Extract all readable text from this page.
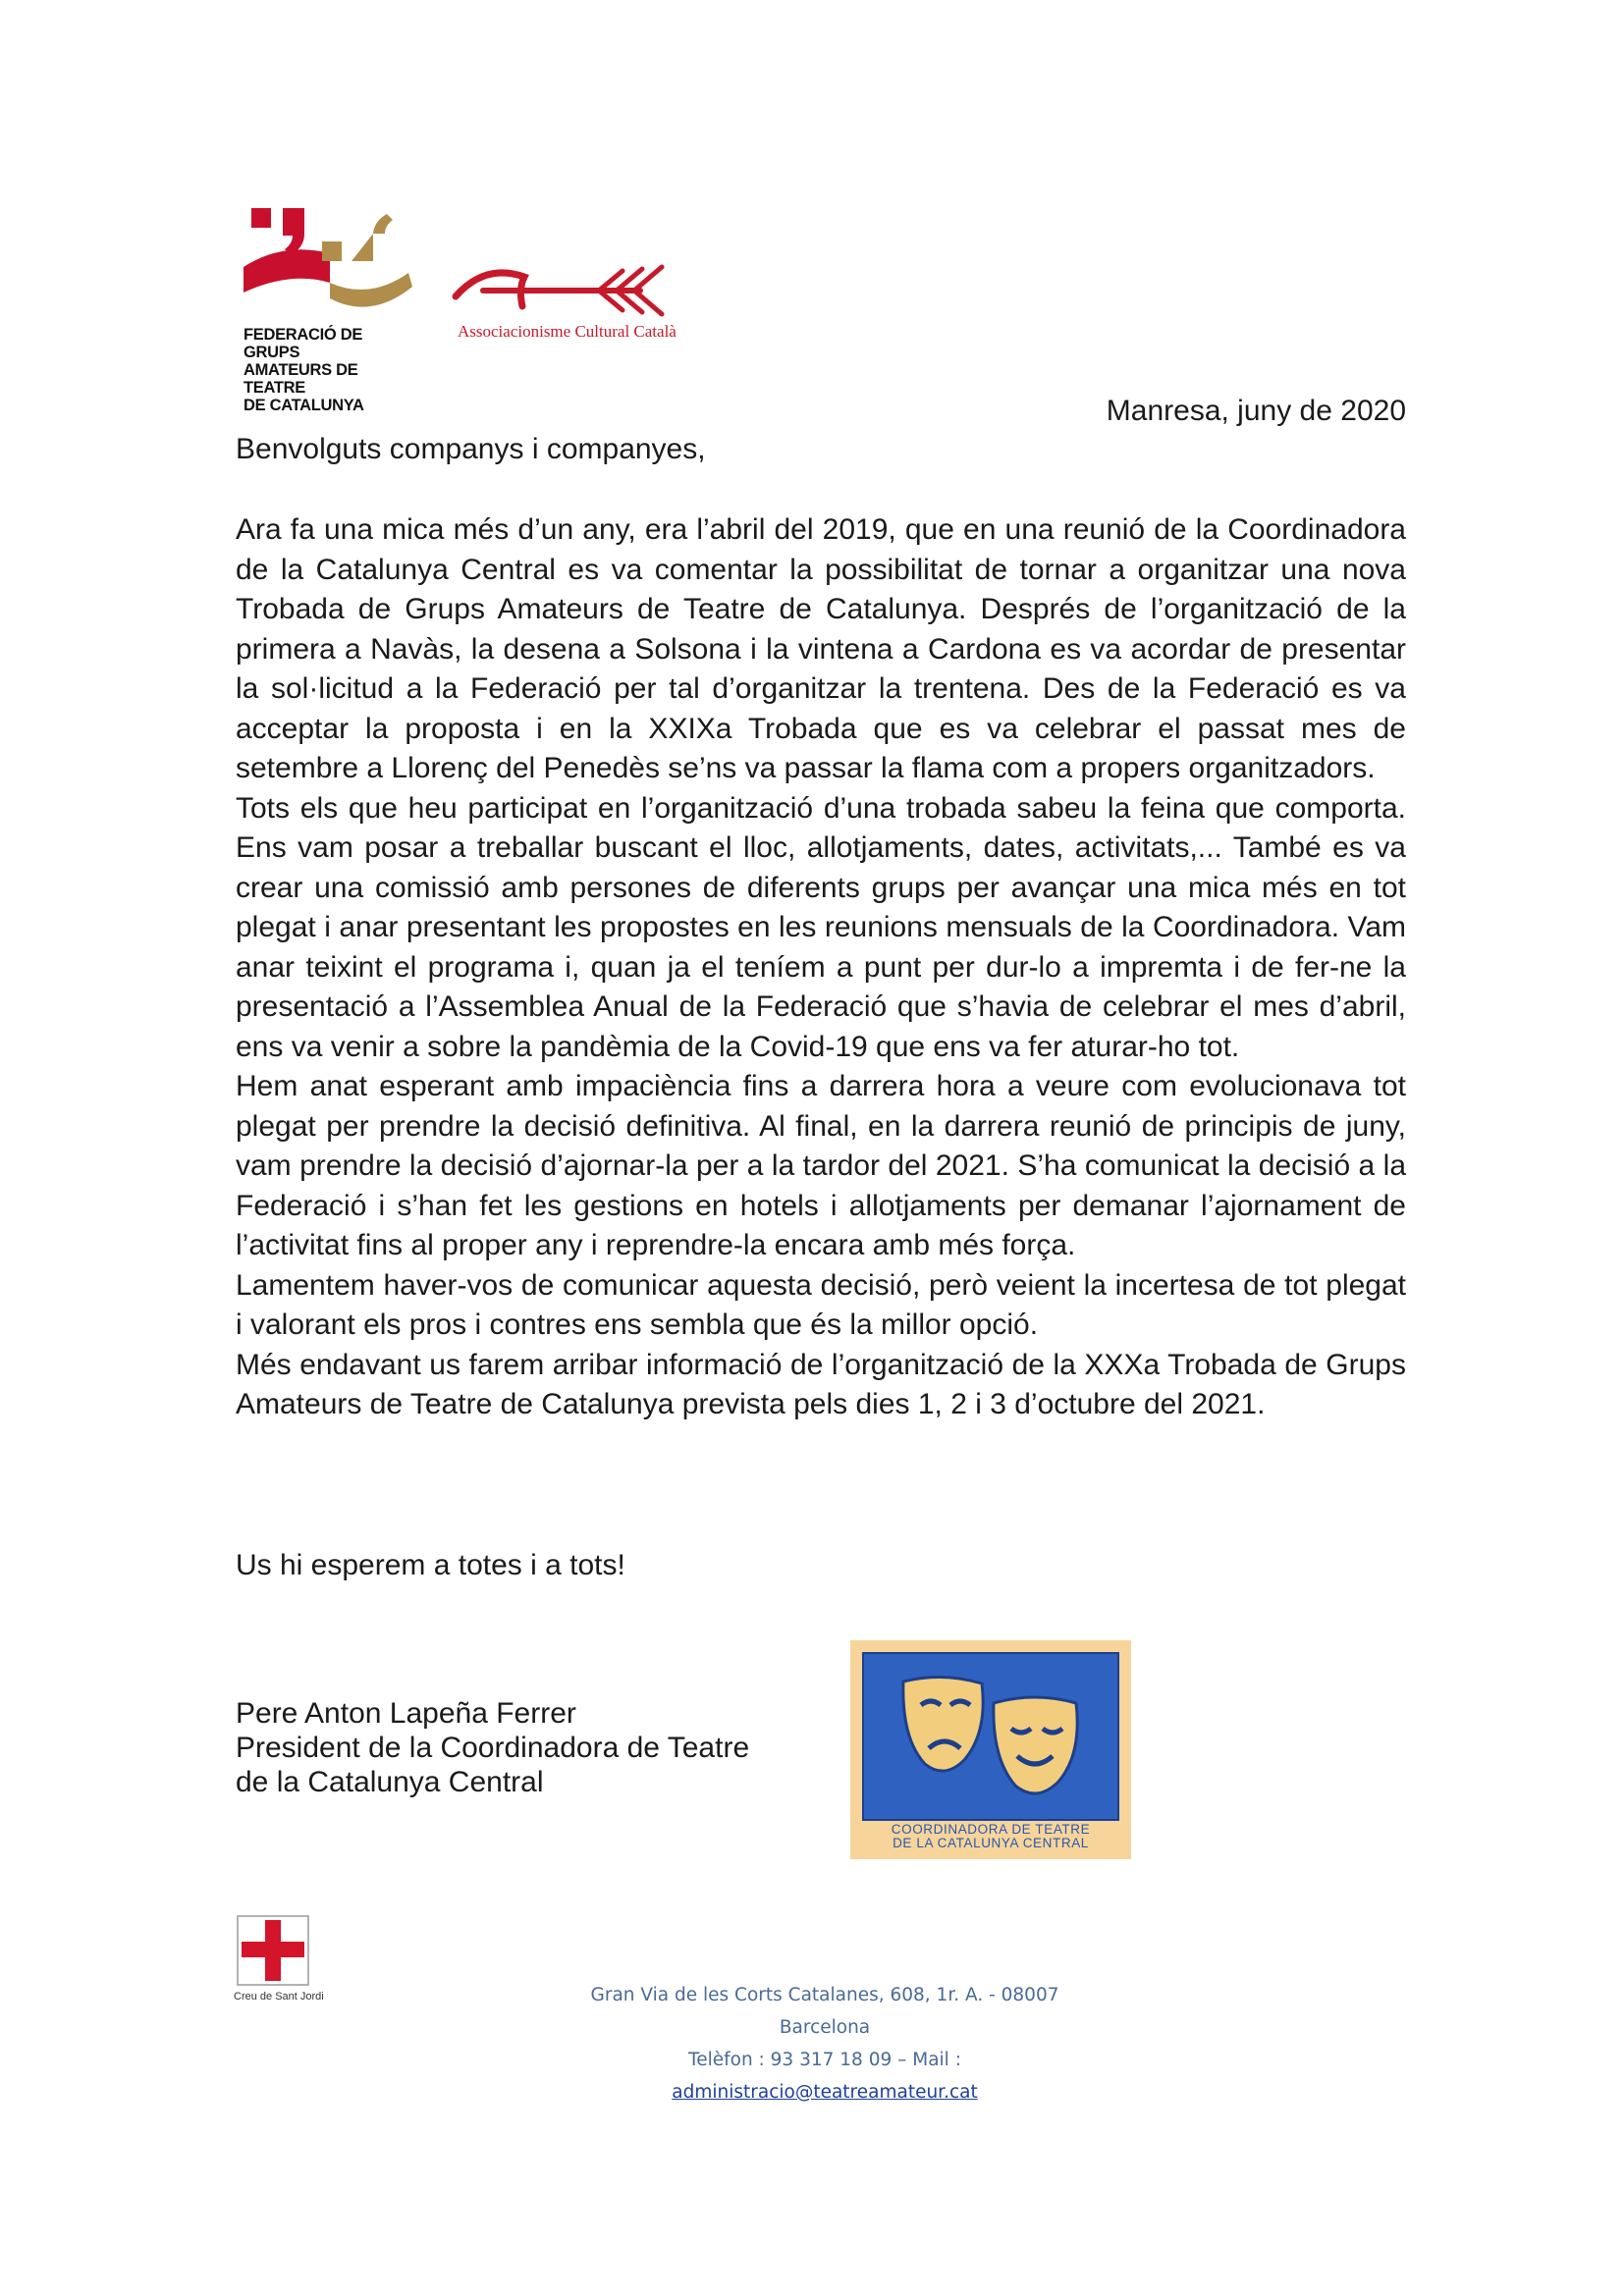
FEDERACIÓ DE GRUPS
AMATEURS DE TEATRE
DE CATALUNYA
Associacionisme Cultural Català
Manresa, juny de 2020
Benvolguts companys i companyes,

Ara fa una mica més d’un any, era l’abril del 2019, que en una reunió de la Coordinadora de la Catalunya Central es va comentar la possibilitat de tornar a organitzar una nova Trobada de Grups Amateurs de Teatre de Catalunya. Després de l’organització de la primera a Navàs, la desena a Solsona i la vintena a Cardona es va acordar de presentar la sol·licitud a la Federació per tal d’organitzar la trentena. Des de la Federació es va acceptar la proposta i en la XXIXa Trobada que es va celebrar el passat mes de setembre a Llorenç del Penedès se’ns va passar la flama com a propers organitzadors.

Tots els que heu participat en l’organització d’una trobada sabeu la feina que comporta. Ens vam posar a treballar buscant el lloc, allotjaments, dates, activitats,... També es va crear una comissió amb persones de diferents grups per avançar una mica més en tot plegat i anar presentant les propostes en les reunions mensuals de la Coordinadora. Vam anar teixint el programa i, quan ja el teníem a punt per dur-lo a impremta i de fer-ne la presentació a l’Assemblea Anual de la Federació que s’havia de celebrar el mes d’abril, ens va venir a sobre la pandèmia de la Covid-19 que ens va fer aturar-ho tot.

Hem anat esperant amb impaciència fins a darrera hora a veure com evolucionava tot plegat per prendre la decisió definitiva. Al final, en la darrera reunió de principis de juny, vam prendre la decisió d’ajornar-la per a la tardor del 2021. S’ha comunicat la decisió a la Federació i s’han fet les gestions en hotels i allotjaments per demanar l’ajornament de l’activitat fins al proper any i reprendre-la encara amb més força.

Lamentem haver-vos de comunicar aquesta decisió, però veient la incertesa de tot plegat i valorant els pros i contres ens sembla que és la millor opció.

Més endavant us farem arribar informació de l’organització de la XXXa Trobada de Grups Amateurs de Teatre de Catalunya prevista pels dies 1, 2 i 3 d’octubre del 2021.

Us hi esperem a totes i a tots!
Pere Anton Lapeña Ferrer
President de la Coordinadora de Teatre
de la Catalunya Central
COORDINADORA DE TEATRE
DE LA CATALUNYA CENTRAL
Creu de Sant Jordi	Gran Via de les Corts Catalanes, 608, 1r. A. - 08007 Barcelona
Telèfon : 93 317 18 09 – Mail : administracio@teatreamateur.cat
